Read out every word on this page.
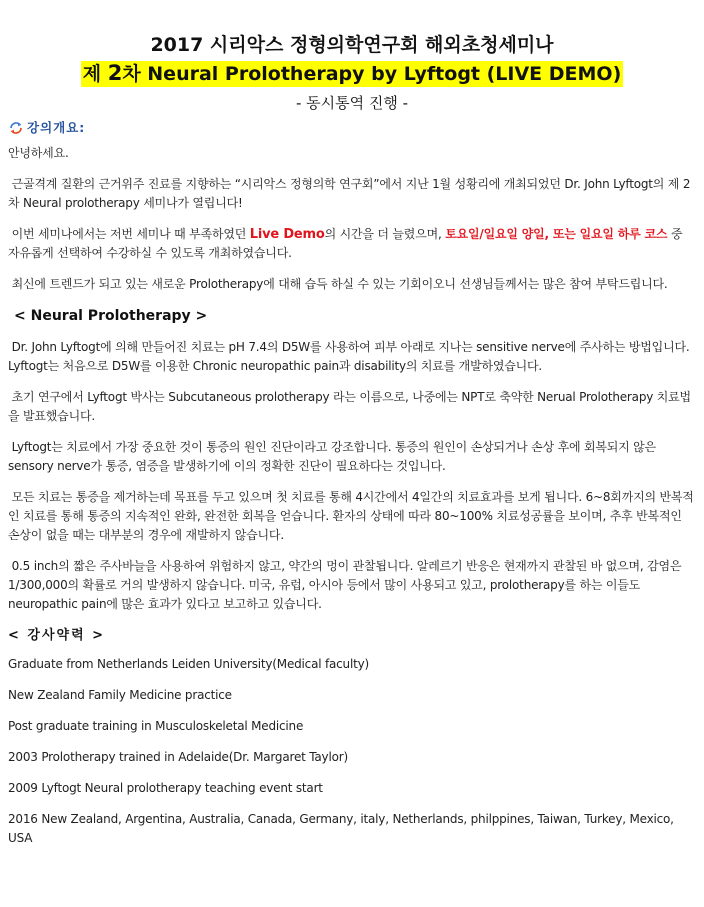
2017 시리악스 정형의학연구회 해외초청세미나
제 2차 Neural Prolotherapy by Lyftogt (LIVE DEMO)
- 동시통역 진행 -
강의개요:

안녕하세요.

근골격계 질환의 근거위주 진료를 지향하는 “시리악스 정형의학 연구회”에서 지난 1월 성황리에 개최되었던 Dr. John Lyftogt의 제 2차 Neural prolotherapy 세미나가 열립니다!

이번 세미나에서는 저번 세미나 때 부족하였던 Live Demo의 시간을 더 늘렸으며, 토요일/일요일 양일, 또는 일요일 하루 코스 중 자유롭게 선택하여 수강하실 수 있도록 개최하였습니다.

최신에 트렌드가 되고 있는 새로운 Prolotherapy에 대해 습득 하실 수 있는 기회이오니 선생님들께서는 많은 참여 부탁드립니다.

< Neural Prolotherapy >

Dr. John Lyftogt에 의해 만들어진 치료는 pH 7.4의 D5W를 사용하여 피부 아래로 지나는 sensitive nerve에 주사하는 방법입니다. Lyftogt는 처음으로 D5W를 이용한 Chronic neuropathic pain과 disability의 치료를 개발하였습니다.

초기 연구에서 Lyftogt 박사는 Subcutaneous prolotherapy 라는 이름으로, 나중에는 NPT로 축약한 Nerual Prolotherapy 치료법을 발표했습니다.

Lyftogt는 치료에서 가장 중요한 것이 통증의 원인 진단이라고 강조합니다. 통증의 원인이 손상되거나 손상 후에 회복되지 않은 sensory nerve가 통증, 염증을 발생하기에 이의 정확한 진단이 필요하다는 것입니다.

모든 치료는 통증을 제거하는데 목표를 두고 있으며 첫 치료를 통해 4시간에서 4일간의 치료효과를 보게 됩니다. 6~8회까지의 반복적인 치료를 통해 통증의 지속적인 완화, 완전한 회복을 얻습니다. 환자의 상태에 따라 80~100% 치료성공률을 보이며, 추후 반복적인 손상이 없을 때는 대부분의 경우에 재발하지 않습니다.

0.5 inch의 짧은 주사바늘을 사용하여 위험하지 않고, 약간의 멍이 관찰됩니다. 알레르기 반응은 현재까지 관찰된 바 없으며, 감염은 1/300,000의 확률로 거의 발생하지 않습니다. 미국, 유럽, 아시아 등에서 많이 사용되고 있고, prolotherapy를 하는 이들도 neuropathic pain에 많은 효과가 있다고 보고하고 있습니다.

< 강사약력 >
Graduate from Netherlands Leiden University(Medical faculty)
New Zealand Family Medicine practice
Post graduate training in Musculoskeletal Medicine
2003 Prolotherapy trained in Adelaide(Dr. Margaret Taylor)
2009 Lyftogt Neural prolotherapy teaching event start
2016 New Zealand, Argentina, Australia, Canada, Germany, italy, Netherlands, philppines, Taiwan, Turkey, Mexico, USA
